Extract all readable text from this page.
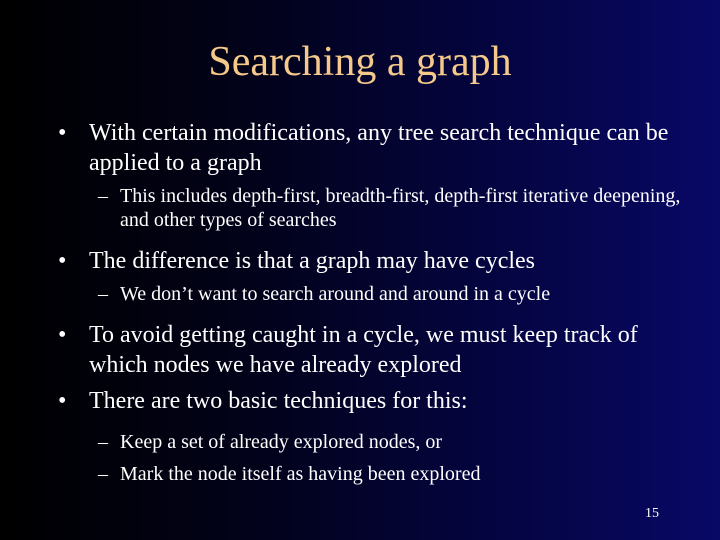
Searching a graph
• With certain modifications, any tree search technique can be applied to a graph
– This includes depth-first, breadth-first, depth-first iterative deepening, and other types of searches
• The difference is that a graph may have cycles
– We don’t want to search around and around in a cycle
• To avoid getting caught in a cycle, we must keep track of which nodes we have already explored
• There are two basic techniques for this:
– Keep a set of already explored nodes, or
– Mark the node itself as having been explored
15
